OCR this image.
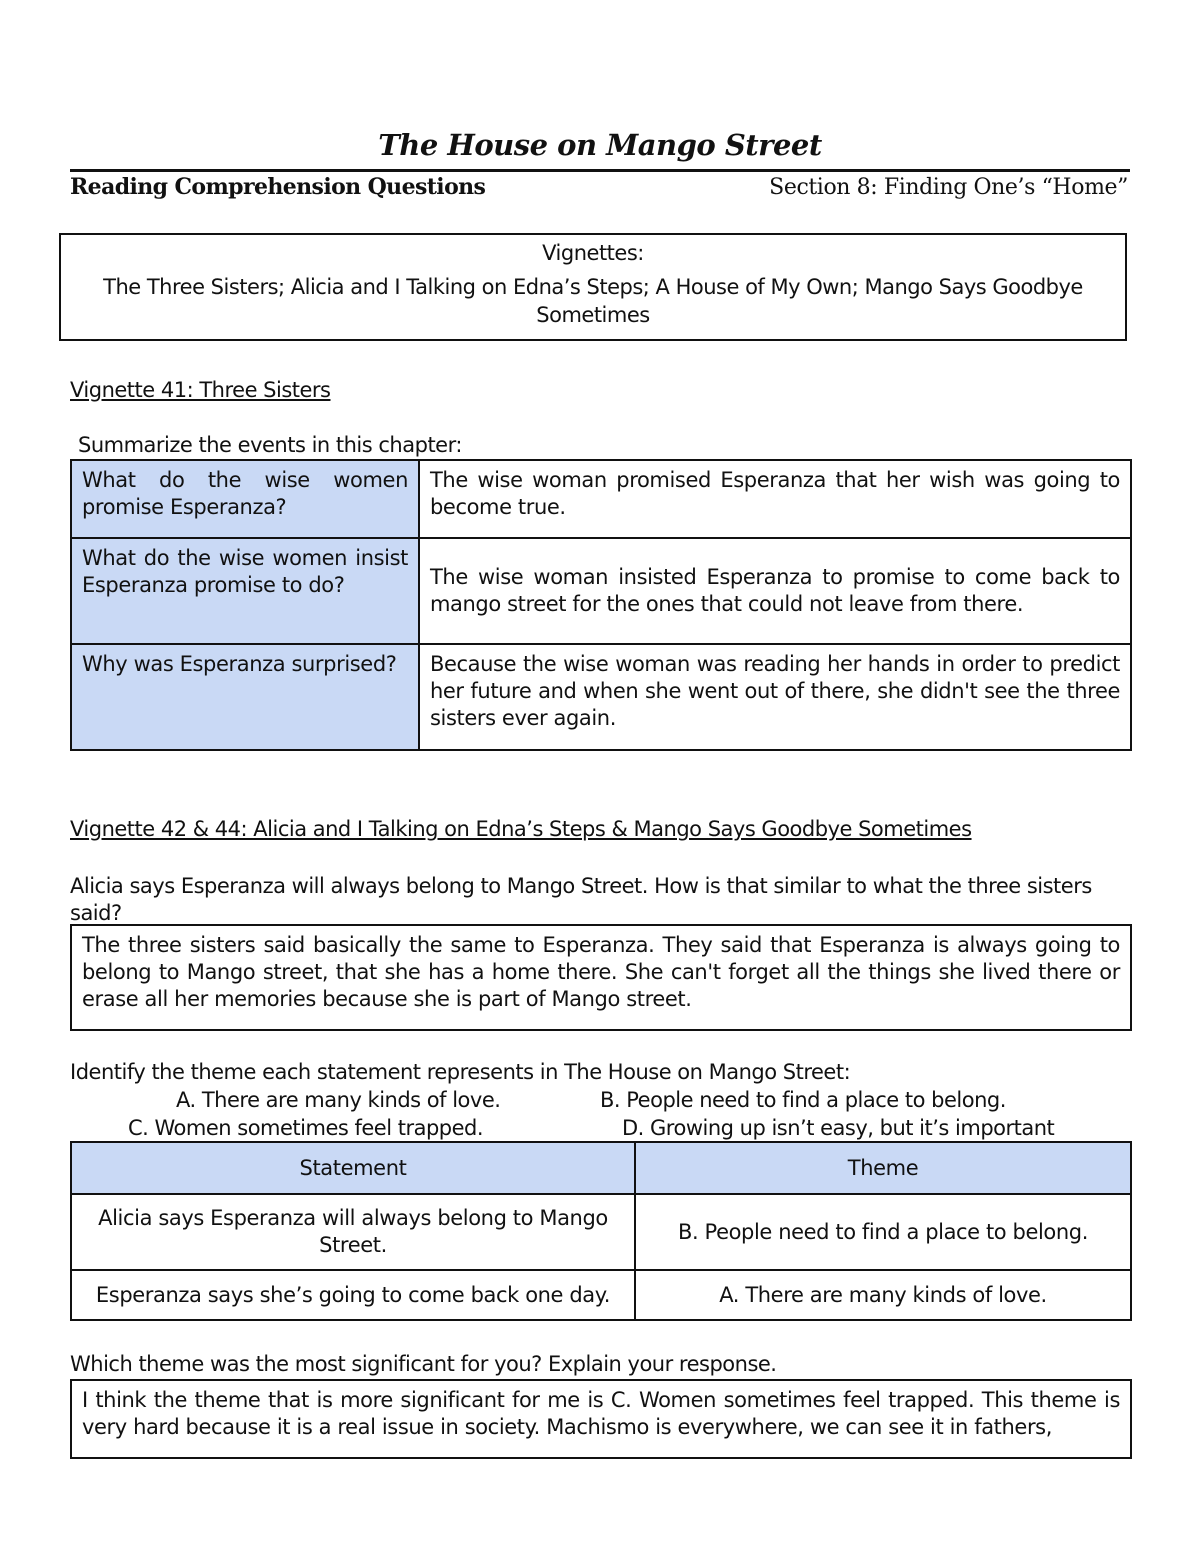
The House on Mango Street
Reading Comprehension Questions	Section 8: Finding One’s “Home”
Vignettes:
The Three Sisters; Alicia and I Talking on Edna’s Steps; A House of My Own; Mango Says Goodbye Sometimes
Vignette 41: Three Sisters
Summarize the events in this chapter:
What do the wise women promise Esperanza?	The wise woman promised Esperanza that her wish was going to become true.
What do the wise women insist Esperanza promise to do?	The wise woman insisted Esperanza to promise to come back to mango street for the ones that could not leave from there.
Why was Esperanza surprised?	Because the wise woman was reading her hands in order to predict her future and when she went out of there, she didn't see the three sisters ever again.
Vignette 42 & 44: Alicia and I Talking on Edna’s Steps & Mango Says Goodbye Sometimes
Alicia says Esperanza will always belong to Mango Street. How is that similar to what the three sisters said?
The three sisters said basically the same to Esperanza. They said that Esperanza is always going to belong to Mango street, that she has a home there. She can't forget all the things she lived there or erase all her memories because she is part of Mango street.
Identify the theme each statement represents in The House on Mango Street:
A. There are many kinds of love.	B. People need to find a place to belong.
C. Women sometimes feel trapped.	D. Growing up isn’t easy, but it’s important
Statement	Theme
Alicia says Esperanza will always belong to Mango Street.	B. People need to find a place to belong.
Esperanza says she’s going to come back one day.	A. There are many kinds of love.
Which theme was the most significant for you? Explain your response.
I think the theme that is more significant for me is C. Women sometimes feel trapped. This theme is very hard because it is a real issue in society. Machismo is everywhere, we can see it in fathers,
